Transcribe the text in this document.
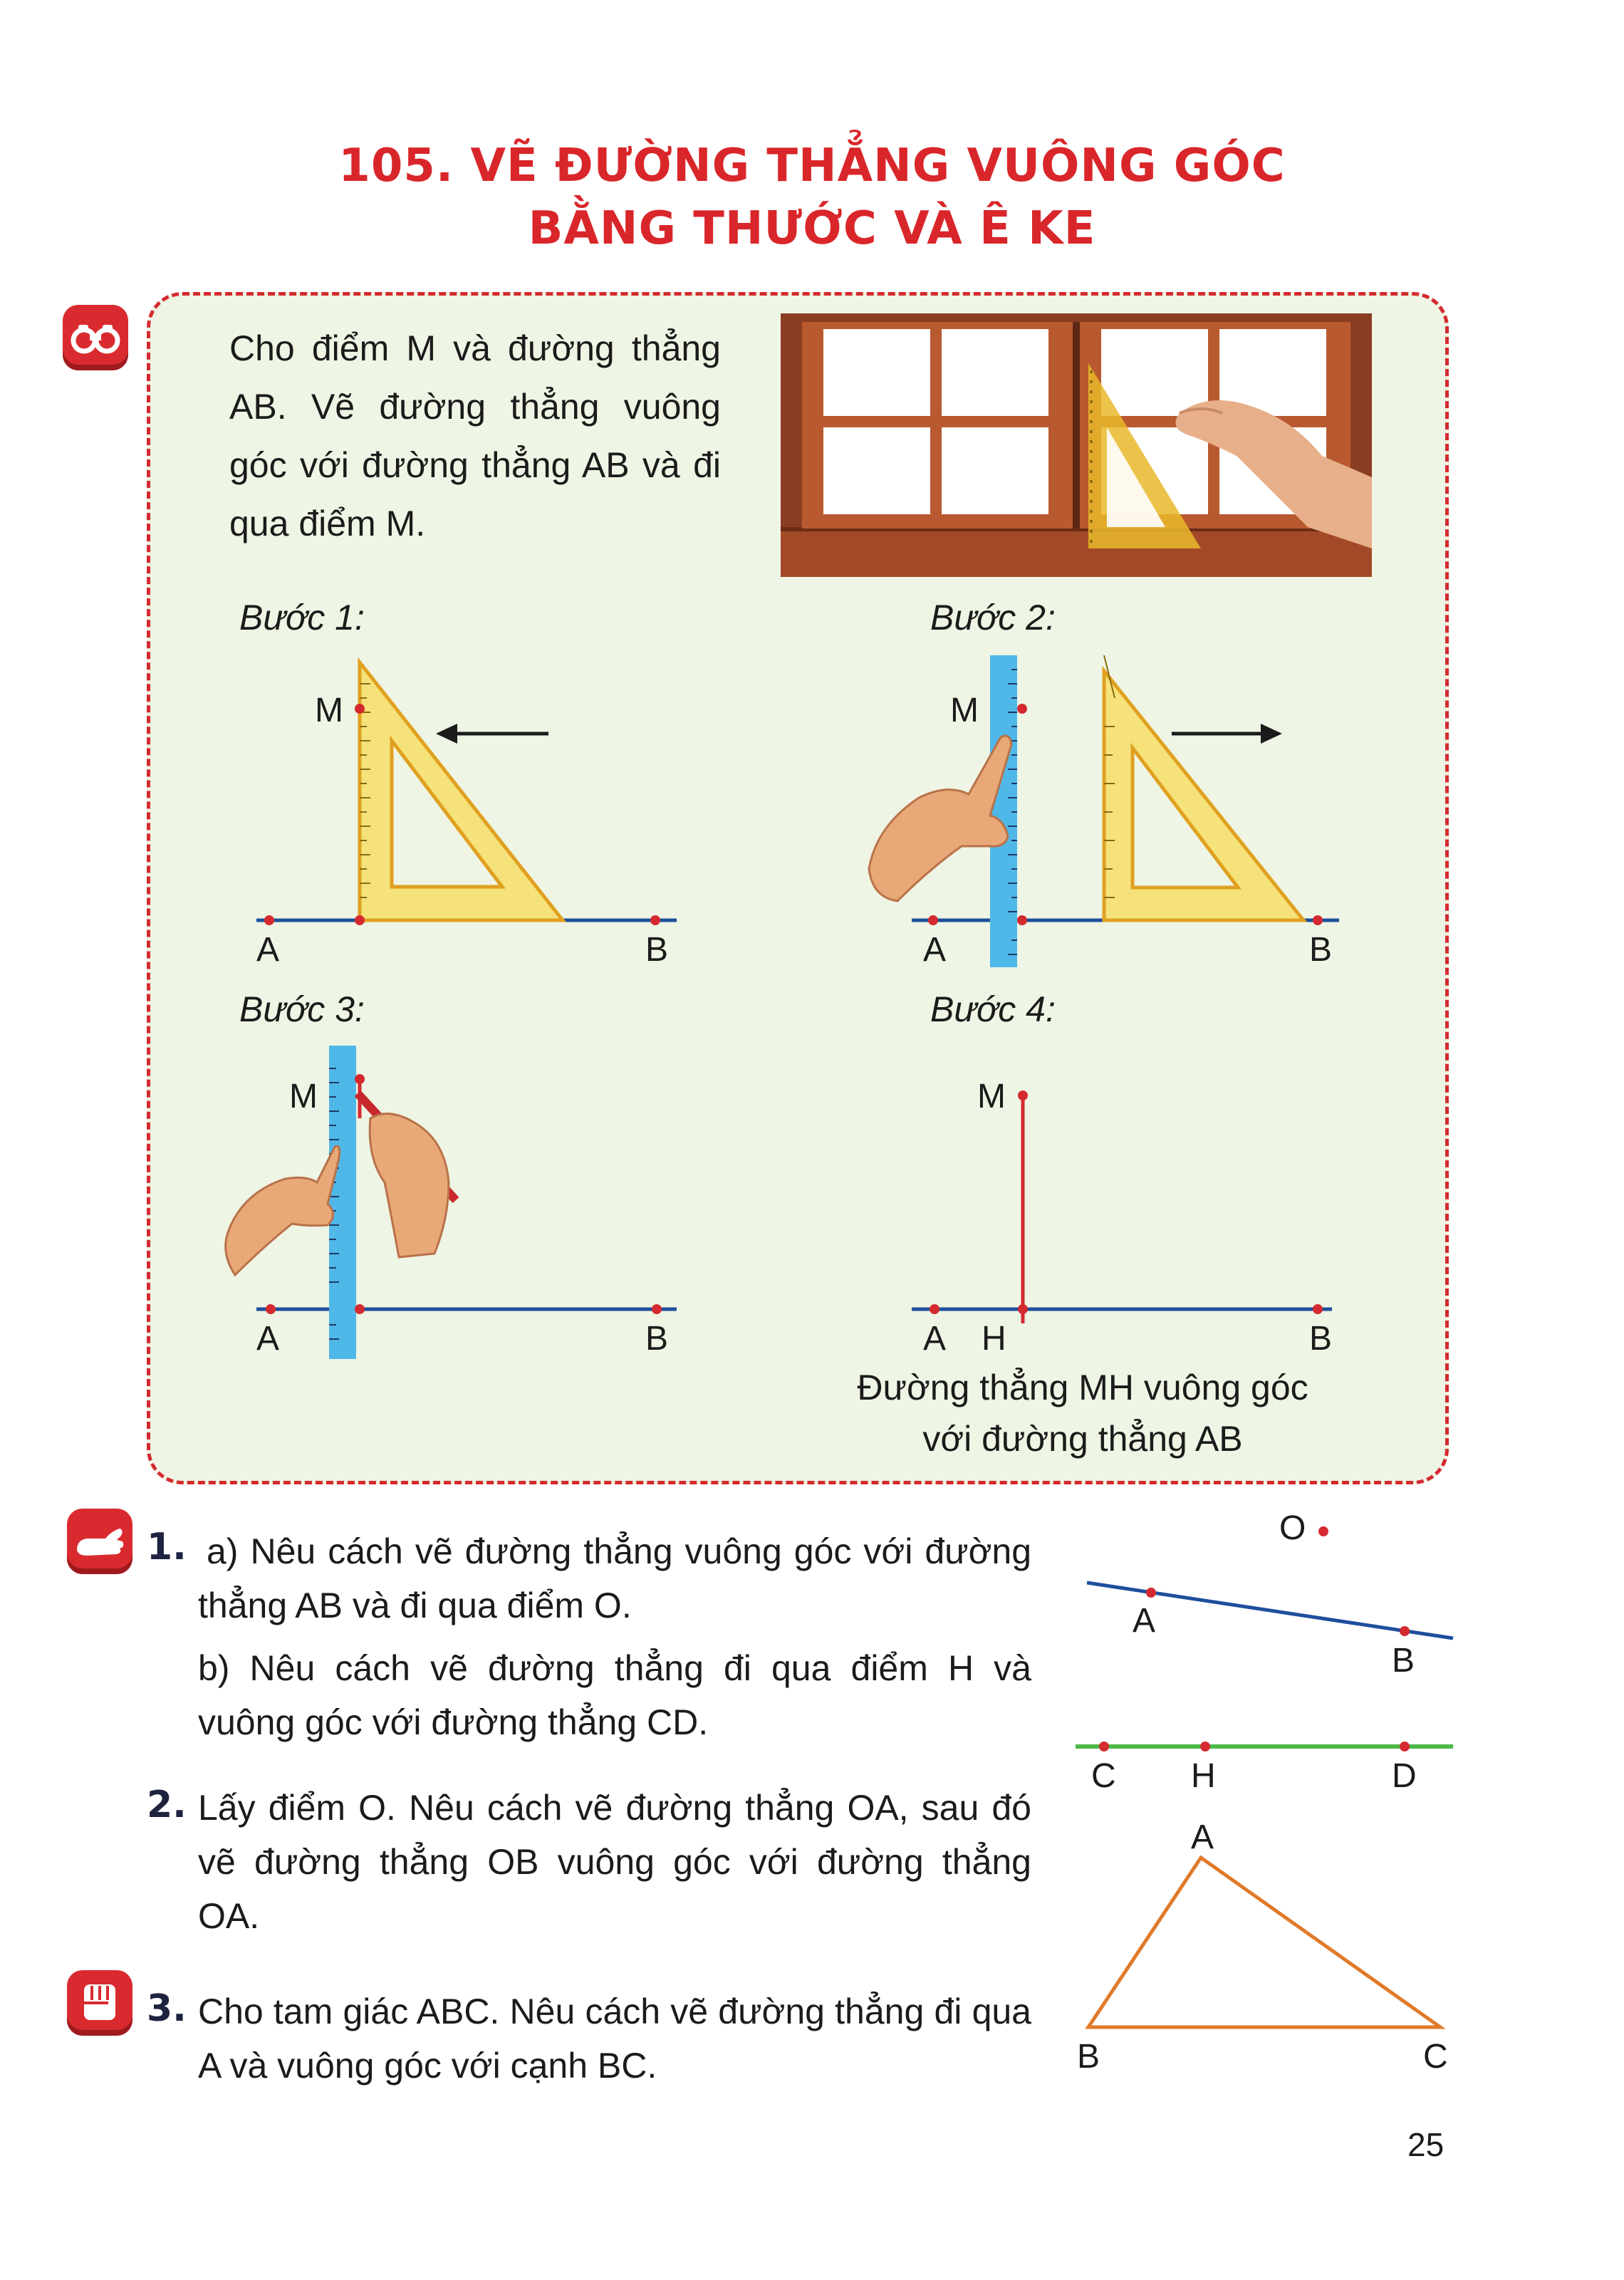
105. VẼ ĐƯỜNG THẲNG VUÔNG GÓC
BẰNG THƯỚC VÀ Ê KE
Cho điểm M và đường thẳng AB. Vẽ đường thẳng vuông góc với đường thẳng AB và đi qua điểm M.
Bước 1:	Bước 2:
Bước 3:	Bước 4:
M
A	B
M
A	B
M
A	B
M
A H	B
Đường thẳng MH vuông góc
với đường thẳng AB
1. a) Nêu cách vẽ đường thẳng vuông góc với đường thẳng AB và đi qua điểm O.
b) Nêu cách vẽ đường thẳng đi qua điểm H và vuông góc với đường thẳng CD.
2. Lấy điểm O. Nêu cách vẽ đường thẳng OA, sau đó vẽ đường thẳng OB vuông góc với đường thẳng OA.
3. Cho tam giác ABC. Nêu cách vẽ đường thẳng đi qua A và vuông góc với cạnh BC.
O
A
B
C H	D
A
B	C
25
